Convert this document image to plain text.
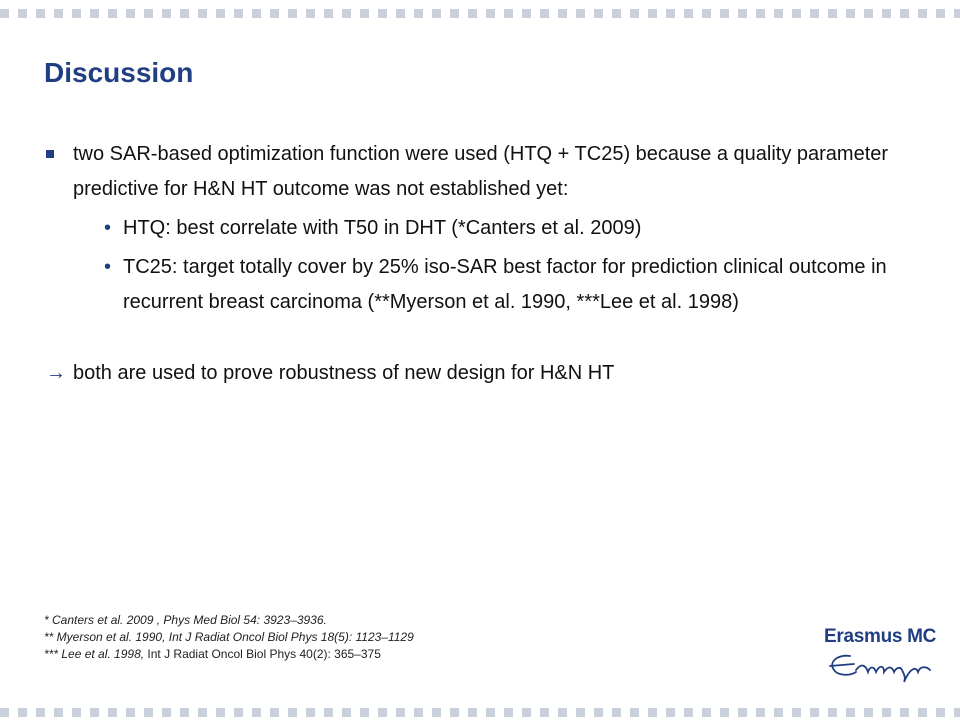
Discussion

two SAR-based optimization function were used (HTQ + TC25) because a quality parameter predictive for H&N HT outcome was not established yet:

• HTQ: best correlate with T50 in DHT (*Canters et al. 2009)

• TC25: target totally cover by 25% iso-SAR best factor for prediction clinical outcome in recurrent breast carcinoma (**Myerson et al. 1990, ***Lee et al. 1998)

→ both are used to prove robustness of new design for H&N HT

* Canters et al. 2009 , Phys Med Biol 54: 3923–3936.

** Myerson et al. 1990, Int J Radiat Oncol Biol Phys 18(5): 1123–1129

*** Lee et al. 1998, Int J Radiat Oncol Biol Phys 40(2): 365–375

Erasmus MC
